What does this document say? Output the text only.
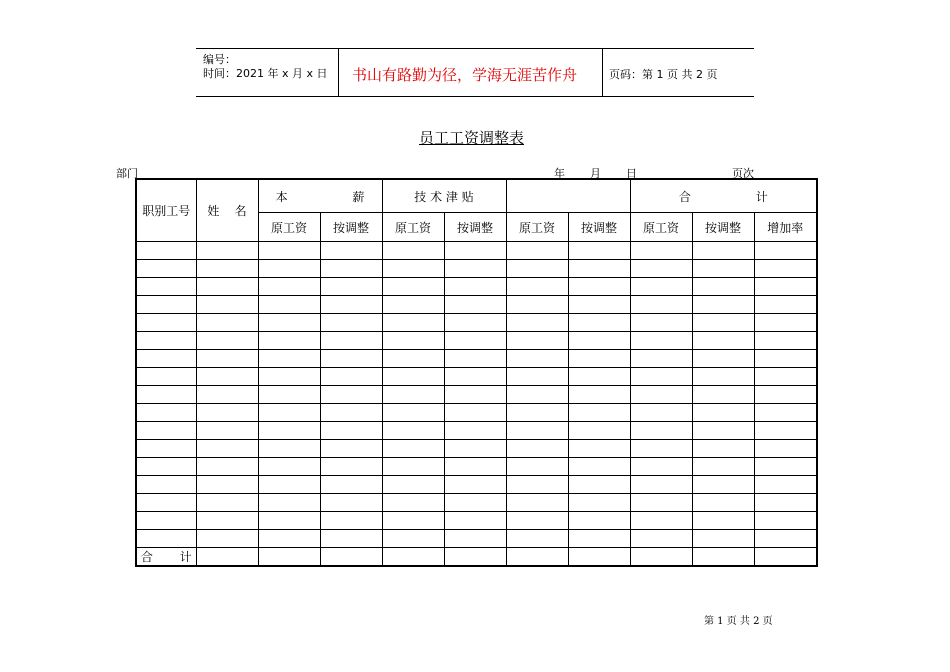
编号：
时间：2021 年 x 月 x 日 书山有路勤为径，学海无涯苦作舟	页码：第 1 页 共 2 页
员工工资调整表
部门	年 月 日	页次
职别工号	姓    名	本                 薪		技 术 津 贴				合                 计		
		原工资	按调整	原工资	按调整	原工资	按调整	原工资	按调整	增加率

合       计										
第 1 页 共 2 页
